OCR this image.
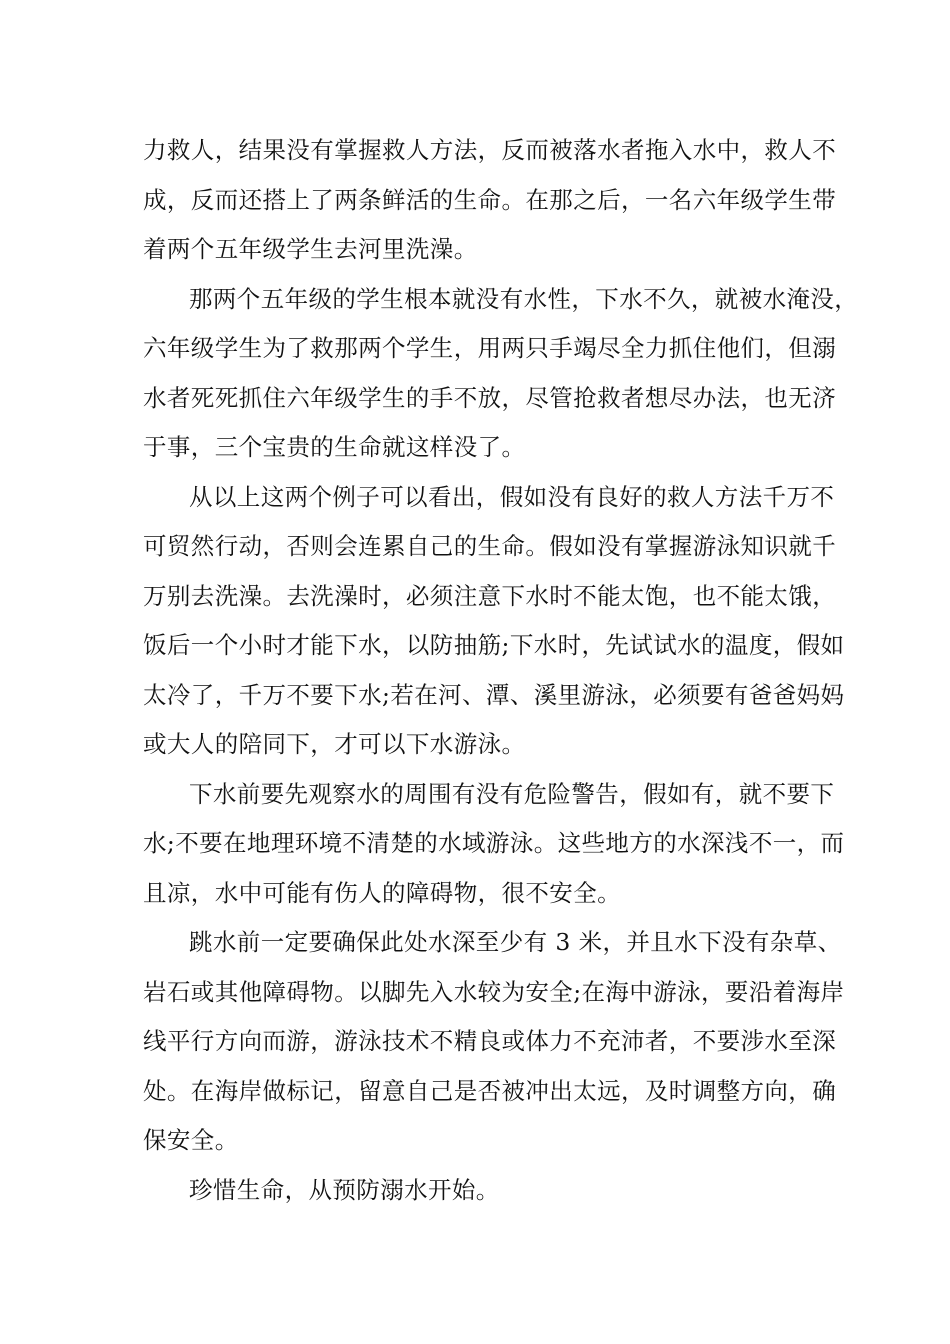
力救人，结果没有掌握救人方法，反而被落水者拖入水中，救人不
成，反而还搭上了两条鲜活的生命。在那之后，一名六年级学生带
着两个五年级学生去河里洗澡。
那两个五年级的学生根本就没有水性，下水不久，就被水淹没，
六年级学生为了救那两个学生，用两只手竭尽全力抓住他们，但溺
水者死死抓住六年级学生的手不放，尽管抢救者想尽办法，也无济
于事，三个宝贵的生命就这样没了。
从以上这两个例子可以看出，假如没有良好的救人方法千万不
可贸然行动，否则会连累自己的生命。假如没有掌握游泳知识就千
万别去洗澡。去洗澡时，必须注意下水时不能太饱，也不能太饿，
饭后一个小时才能下水，以防抽筋;下水时，先试试水的温度，假如
太冷了，千万不要下水;若在河、潭、溪里游泳，必须要有爸爸妈妈
或大人的陪同下，才可以下水游泳。
下水前要先观察水的周围有没有危险警告，假如有，就不要下
水;不要在地理环境不清楚的水域游泳。这些地方的水深浅不一，而
且凉，水中可能有伤人的障碍物，很不安全。
跳水前一定要确保此处水深至少有 3 米，并且水下没有杂草、
岩石或其他障碍物。以脚先入水较为安全;在海中游泳，要沿着海岸
线平行方向而游，游泳技术不精良或体力不充沛者，不要涉水至深
处。在海岸做标记，留意自己是否被冲出太远，及时调整方向，确
保安全。
珍惜生命，从预防溺水开始。
